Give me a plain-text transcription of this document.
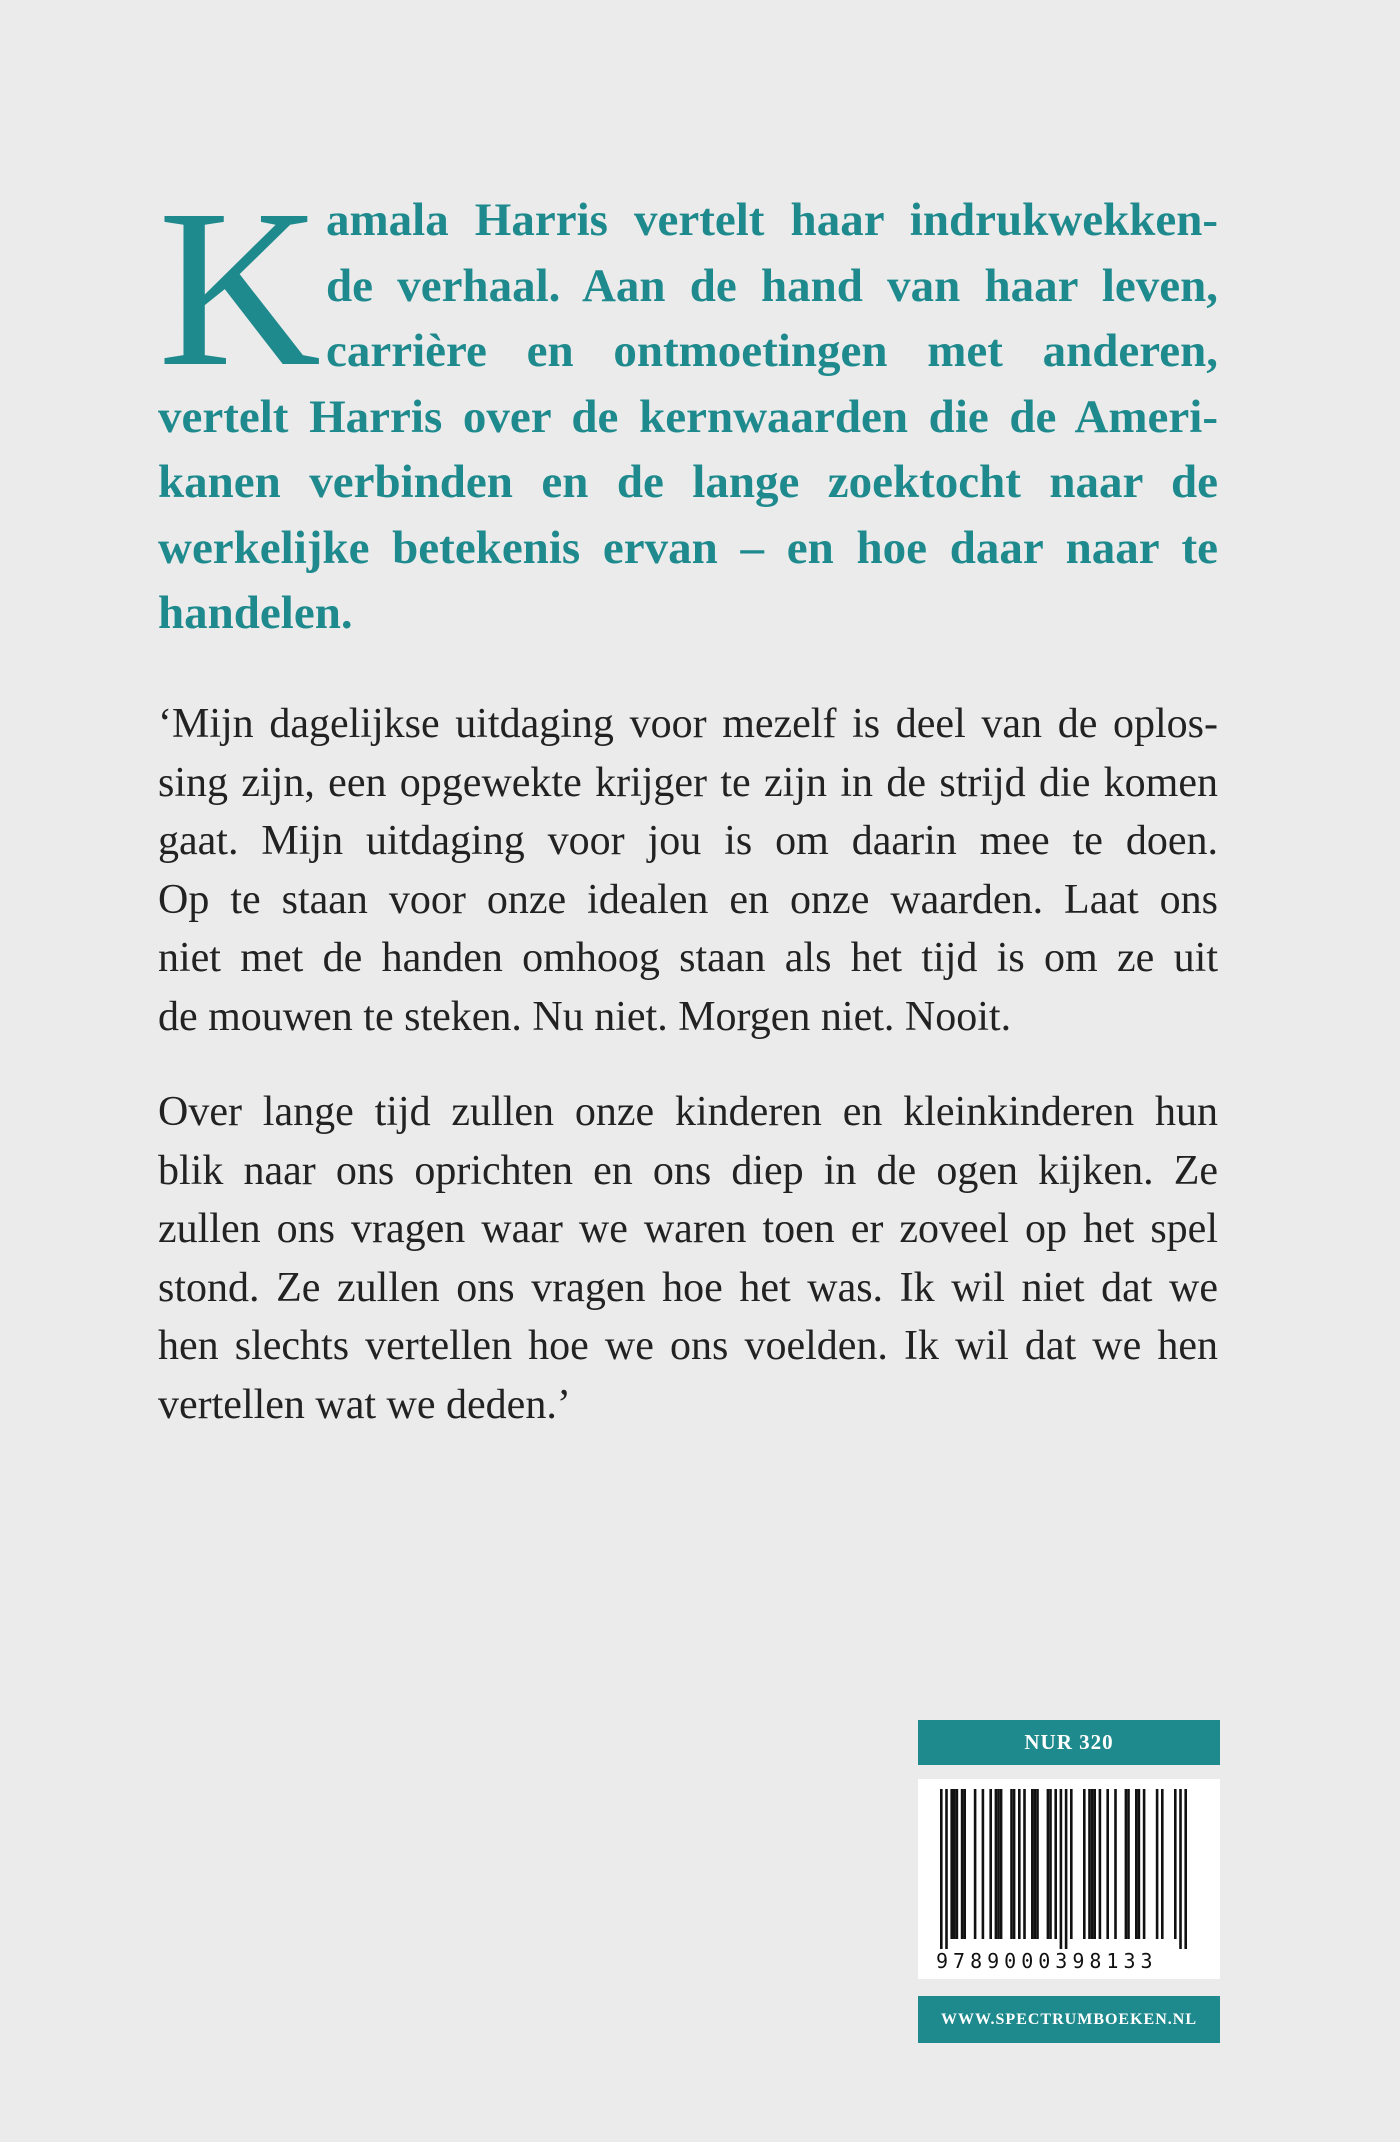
K amala Harris vertelt haar indrukwekken-
de verhaal. Aan de hand van haar leven,
carrière en ontmoetingen met anderen,
vertelt Harris over de kernwaarden die de Ameri-
kanen verbinden en de lange zoektocht naar de
werkelijke betekenis ervan – en hoe daar naar te
handelen.
‘Mijn dagelijkse uitdaging voor mezelf is deel van de oplos-
sing zijn, een opgewekte krijger te zijn in de strijd die komen
gaat. Mijn uitdaging voor jou is om daarin mee te doen.
Op te staan voor onze idealen en onze waarden. Laat ons
niet met de handen omhoog staan als het tijd is om ze uit
de mouwen te steken. Nu niet. Morgen niet. Nooit.
Over lange tijd zullen onze kinderen en kleinkinderen hun
blik naar ons oprichten en ons diep in de ogen kijken. Ze
zullen ons vragen waar we waren toen er zoveel op het spel
stond. Ze zullen ons vragen hoe het was. Ik wil niet dat we
hen slechts vertellen hoe we ons voelden. Ik wil dat we hen
vertellen wat we deden.’
NUR 320
9789000398133
WWW.SPECTRUMBOEKEN.NL
